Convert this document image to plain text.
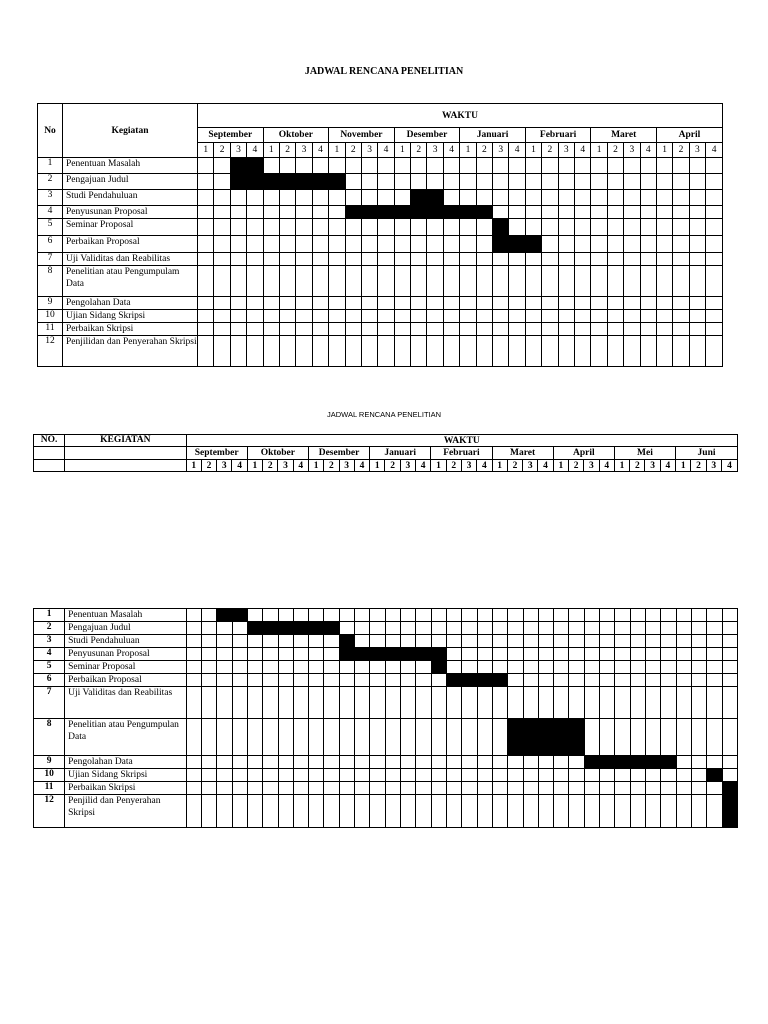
JADWAL RENCANA PENELITIAN
No	Kegiatan	WAKTU																															
		September				Oktober				November				Desember				Januari				Februari				Maret				April			
		1	2	3	4	1	2	3	4	1	2	3	4	1	2	3	4	1	2	3	4	1	2	3	4	1	2	3	4	1	2	3	4
1	Penentuan Masalah																																
2	Pengajuan Judul																																
3	Studi Pendahuluan																																
4	Penyusunan Proposal																																
5	Seminar Proposal																																
6	Perbaikan Proposal																																
7	Uji Validitas dan Reabilitas																																
8	Penelitian atau Pengumpulam Data																																
9	Pengolahan Data																																
10	Ujian Sidang Skripsi																																
11	Perbaikan Skripsi																																
12	Penjilidan dan Penyerahan Skripsi																																
JADWAL RENCANA PENELITIAN
NO.	KEGIATAN	WAKTU																																			
		September				Oktober				Desember				Januari				Februari				Maret				April				Mei				Juni			
		1	2	3	4	1	2	3	4	1	2	3	4	1	2	3	4	1	2	3	4	1	2	3	4	1	2	3	4	1	2	3	4	1	2	3	4
1	Penentuan Masalah																																				
2	Pengajuan Judul																																				
3	Studi Pendahuluan																																				
4	Penyusunan Proposal																																				
5	Seminar Proposal																																				
6	Perbaikan Proposal																																				
7	Uji Validitas dan Reabilitas																																				
8	Penelitian atau Pengumpulan Data																																				
9	Pengolahan Data																																				
10	Ujian Sidang Skripsi																																				
11	Perbaikan Skripsi																																				
12	Penjilid dan Penyerahan Skripsi																																				
